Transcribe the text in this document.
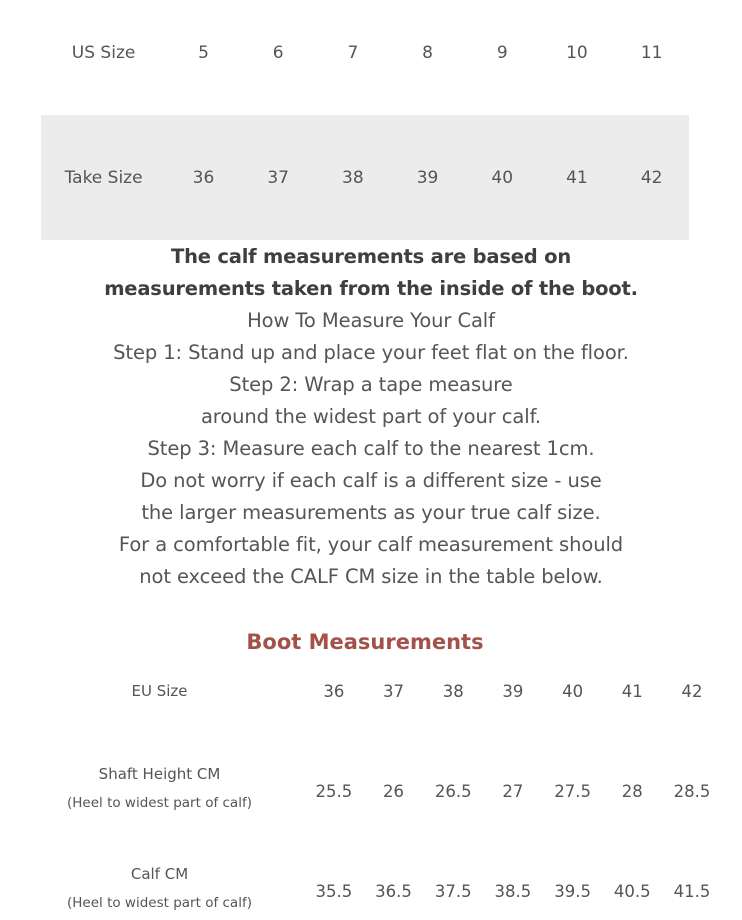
US Size	5	6	7	8	9	10	11

Take Size	36	37	38	39	40	41	42

The calf measurements are based on

measurements taken from the inside of the boot.

How To Measure Your Calf

Step 1: Stand up and place your feet flat on the floor.

Step 2: Wrap a tape measure

around the widest part of your calf.

Step 3: Measure each calf to the nearest 1cm.

Do not worry if each calf is a different size - use

the larger measurements as your true calf size.

For a comfortable fit, your calf measurement should

not exceed the CALF CM size in the table below.

Boot Measurements
EU Size		36	37	38	39	40	41	42

Shaft Height CM
(Heel to widest part of calf)		25.5	26	26.5	27	27.5	28	28.5

Calf CM
(Heel to widest part of calf)		35.5	36.5	37.5	38.5	39.5	40.5	41.5
